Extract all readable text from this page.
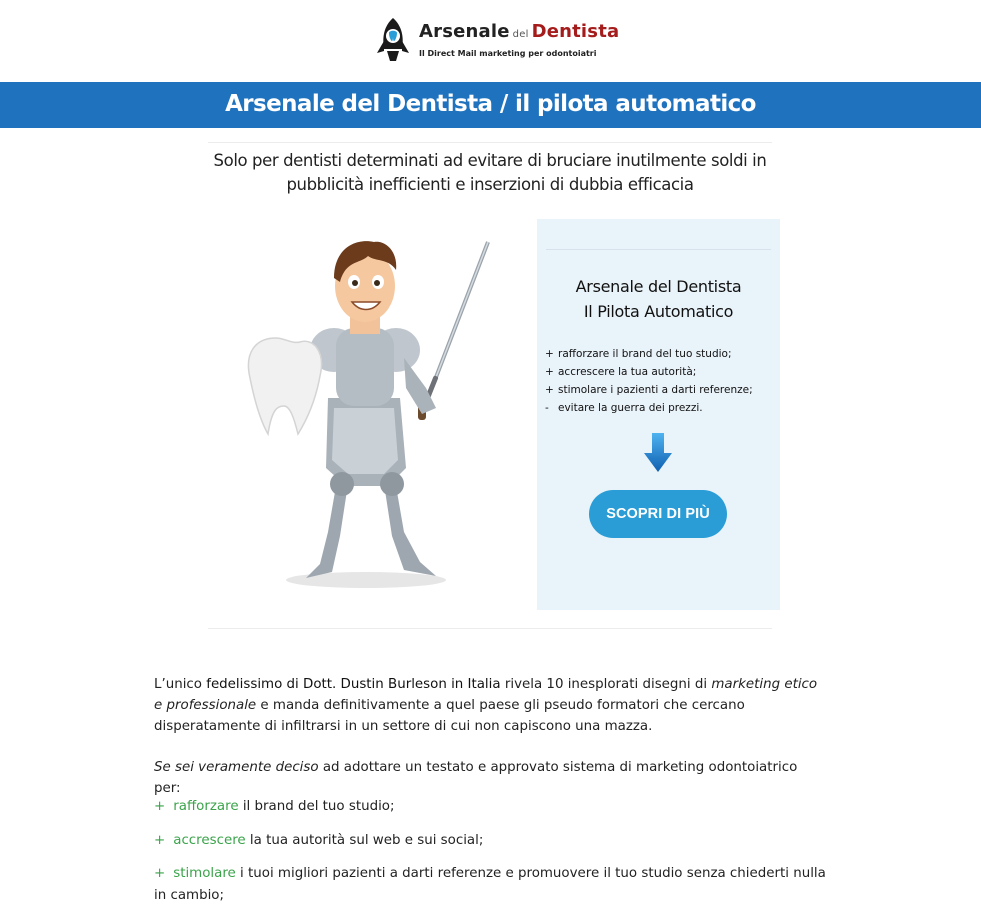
Arsenale del Dentista
Il Direct Mail marketing per odontoiatri
Arsenale del Dentista / il pilota automatico
Solo per dentisti determinati ad evitare di bruciare inutilmente soldi in
pubblicità inefficienti e inserzioni di dubbia efficacia
Arsenale del Dentista
Il Pilota Automatico
+ rafforzare il brand del tuo studio;
+ accrescere la tua autorità;
+ stimolare i pazienti a darti referenze;
- evitare la guerra dei prezzi.
SCOPRI DI PIÙ
L’unico fedelissimo di Dott. Dustin Burleson in Italia rivela 10 inesplorati disegni di marketing etico e professionale e manda definitivamente a quel paese gli pseudo formatori che cercano disperatamente di infiltrarsi in un settore di cui non capiscono una mazza.
Se sei veramente deciso ad adottare un testato e approvato sistema di marketing odontoiatrico per:
+ rafforzare il brand del tuo studio;
+ accrescere la tua autorità sul web e sui social;
+ stimolare i tuoi migliori pazienti a darti referenze e promuovere il tuo studio senza chiederti nulla in cambio;
